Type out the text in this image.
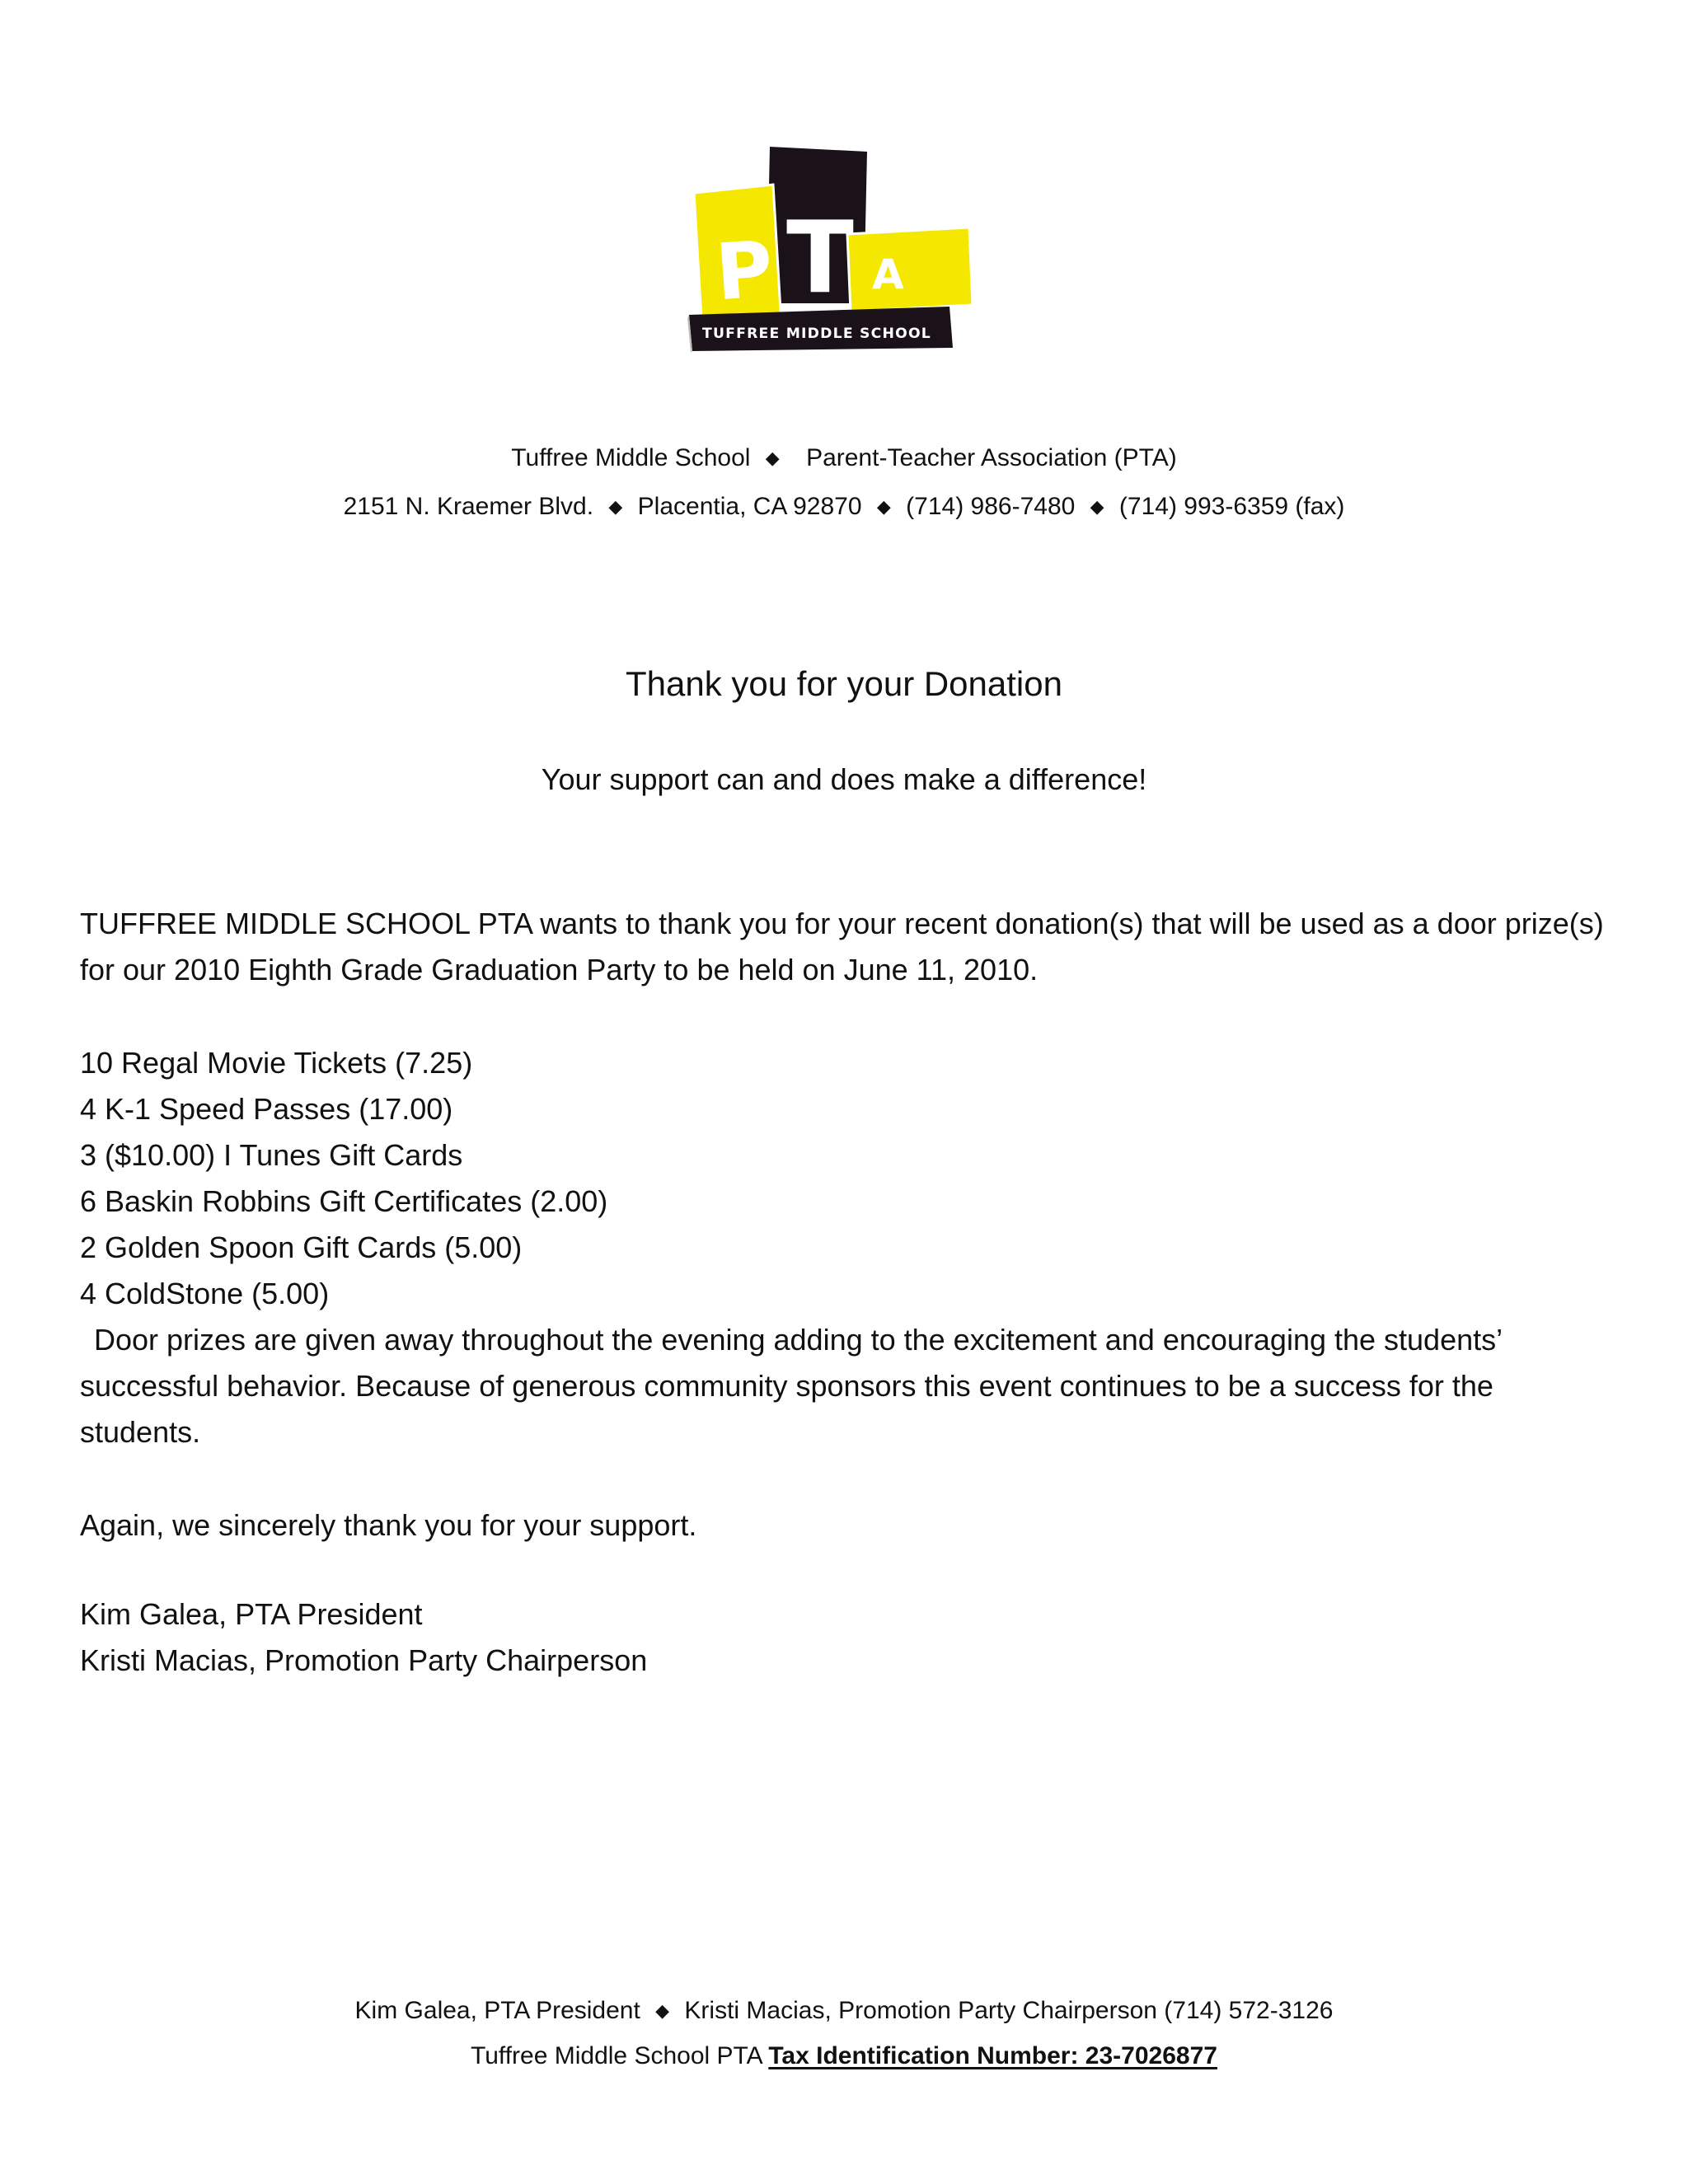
P T A
TUFFREE MIDDLE SCHOOL
Tuffree Middle School ◆ Parent-Teacher Association (PTA)
2151 N. Kraemer Blvd. ◆ Placentia, CA 92870 ◆ (714) 986-7480 ◆ (714) 993-6359 (fax)
Thank you for your Donation
Your support can and does make a difference!
TUFFREE MIDDLE SCHOOL PTA wants to thank you for your recent donation(s) that will be used as a door prize(s) for our 2010 Eighth Grade Graduation Party to be held on June 11, 2010.
10 Regal Movie Tickets (7.25)
4 K-1 Speed Passes (17.00)
3 ($10.00) I Tunes Gift Cards
6 Baskin Robbins Gift Certificates (2.00)
2 Golden Spoon Gift Cards (5.00)
4 ColdStone (5.00)
Door prizes are given away throughout the evening adding to the excitement and encouraging the students’ successful behavior. Because of generous community sponsors this event continues to be a success for the students.
Again, we sincerely thank you for your support.
Kim Galea, PTA President
Kristi Macias, Promotion Party Chairperson
Kim Galea, PTA President ◆ Kristi Macias, Promotion Party Chairperson (714) 572-3126
Tuffree Middle School PTA Tax Identification Number: 23-7026877
